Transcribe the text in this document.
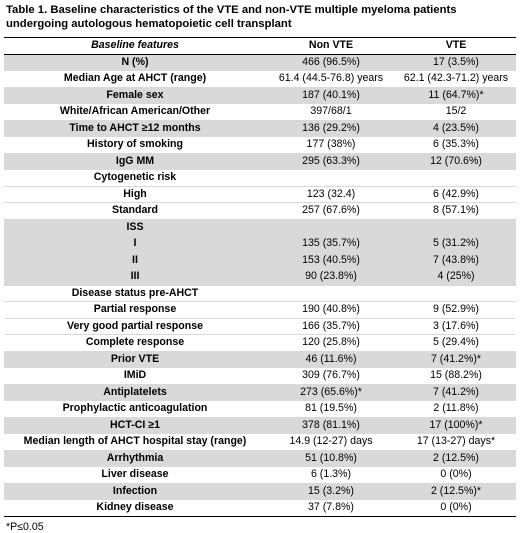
Table 1. Baseline characteristics of the VTE and non-VTE multiple myeloma patients undergoing autologous hematopoietic cell transplant
Baseline features	Non VTE	VTE
N (%)	466 (96.5%)	17 (3.5%)
Median Age at AHCT (range)	61.4 (44.5-76.8) years	62.1 (42.3-71.2) years
Female sex	187 (40.1%)	11 (64.7%)*
White/African American/Other	397/68/1	15/2
Time to AHCT ≥12 months	136 (29.2%)	4 (23.5%)
History of smoking	177 (38%)	6 (35.3%)
IgG MM	295 (63.3%)	12 (70.6%)
Cytogenetic risk		
High	123 (32.4)	6 (42.9%)
Standard	257 (67.6%)	8 (57.1%)
ISS		
I	135 (35.7%)	5 (31.2%)
II	153 (40.5%)	7 (43.8%)
III	90 (23.8%)	4 (25%)
Disease status pre-AHCT		
Partial response	190 (40.8%)	9 (52.9%)
Very good partial response	166 (35.7%)	3 (17.6%)
Complete response	120 (25.8%)	5 (29.4%)
Prior VTE	46 (11.6%)	7 (41.2%)*
IMiD	309 (76.7%)	15 (88.2%)
Antiplatelets	273 (65.6%)*	7 (41.2%)
Prophylactic anticoagulation	81 (19.5%)	2 (11.8%)
HCT-CI ≥1	378 (81.1%)	17 (100%)*
Median length of AHCT hospital stay (range)	14.9 (12-27) days	17 (13-27) days*
Arrhythmia	51 (10.8%)	2 (12.5%)
Liver disease	6 (1.3%)	0 (0%)
Infection	15 (3.2%)	2 (12.5%)*
Kidney disease	37 (7.8%)	0 (0%)
*P≤0.05
